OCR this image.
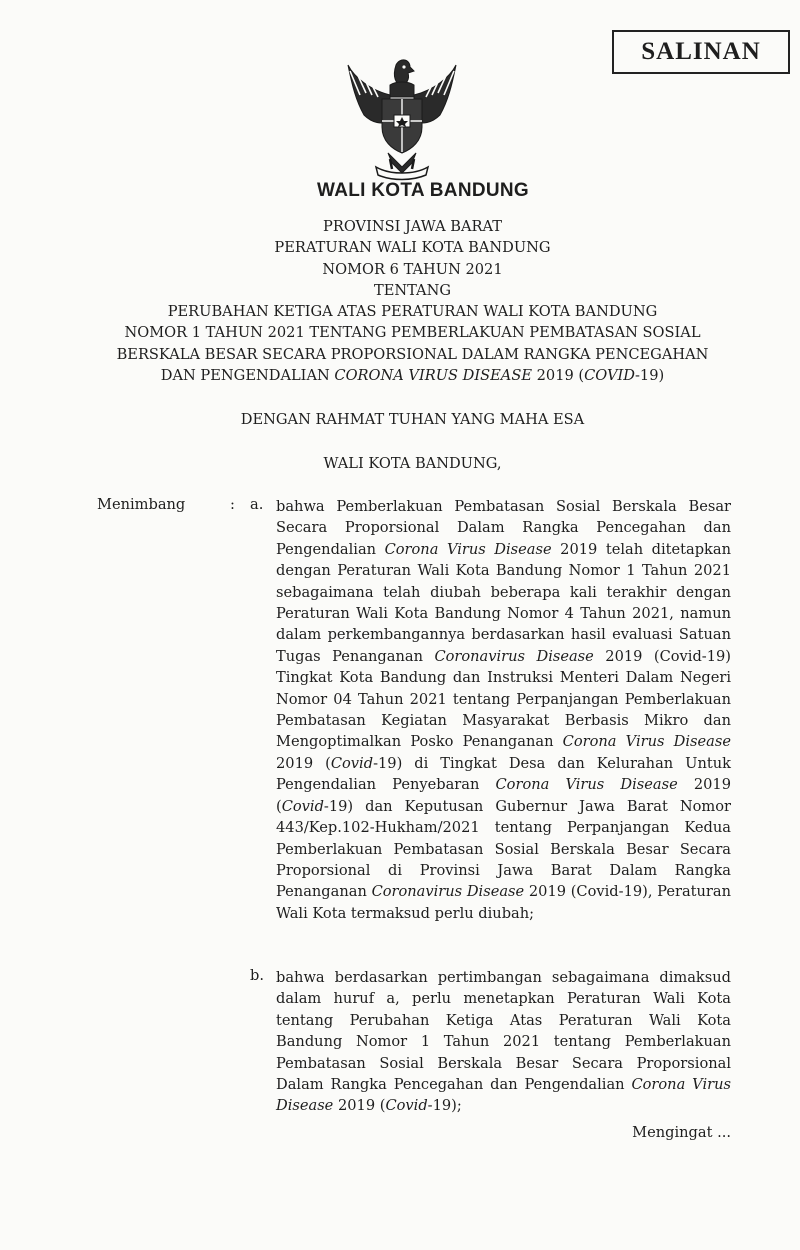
SALINAN
WALI KOTA BANDUNG
PROVINSI JAWA BARAT
PERATURAN WALI KOTA BANDUNG
NOMOR 6 TAHUN 2021
TENTANG
PERUBAHAN KETIGA ATAS PERATURAN WALI KOTA BANDUNG
NOMOR 1 TAHUN 2021 TENTANG PEMBERLAKUAN PEMBATASAN SOSIAL
BERSKALA BESAR SECARA PROPORSIONAL DALAM RANGKA PENCEGAHAN
DAN PENGENDALIAN CORONA VIRUS DISEASE 2019 (COVID-19)
DENGAN RAHMAT TUHAN YANG MAHA ESA
WALI KOTA BANDUNG,
Menimbang	: a. bahwa Pemberlakuan Pembatasan Sosial Berskala Besar Secara Proporsional Dalam Rangka Pencegahan dan Pengendalian Corona Virus Disease 2019 telah ditetapkan dengan Peraturan Wali Kota Bandung Nomor 1 Tahun 2021 sebagaimana telah diubah beberapa kali terakhir dengan Peraturan Wali Kota Bandung Nomor 4 Tahun 2021, namun dalam perkembangannya berdasarkan hasil evaluasi Satuan Tugas Penanganan Coronavirus Disease 2019 (Covid-19) Tingkat Kota Bandung dan Instruksi Menteri Dalam Negeri Nomor 04 Tahun 2021 tentang Perpanjangan Pemberlakuan Pembatasan Kegiatan Masyarakat Berbasis Mikro dan Mengoptimalkan Posko Penanganan Corona Virus Disease 2019 (Covid-19) di Tingkat Desa dan Kelurahan Untuk Pengendalian Penyebaran Corona Virus Disease 2019 (Covid-19) dan Keputusan Gubernur Jawa Barat Nomor 443/Kep.102-Hukham/2021 tentang Perpanjangan Kedua Pemberlakuan Pembatasan Sosial Berskala Besar Secara Proporsional di Provinsi Jawa Barat Dalam Rangka Penanganan Coronavirus Disease 2019 (Covid-19), Peraturan Wali Kota termaksud perlu diubah;
b. bahwa berdasarkan pertimbangan sebagaimana dimaksud dalam huruf a, perlu menetapkan Peraturan Wali Kota tentang Perubahan Ketiga Atas Peraturan Wali Kota Bandung Nomor 1 Tahun 2021 tentang Pemberlakuan Pembatasan Sosial Berskala Besar Secara Proporsional Dalam Rangka Pencegahan dan Pengendalian Corona Virus Disease 2019 (Covid-19);
Mengingat ...
